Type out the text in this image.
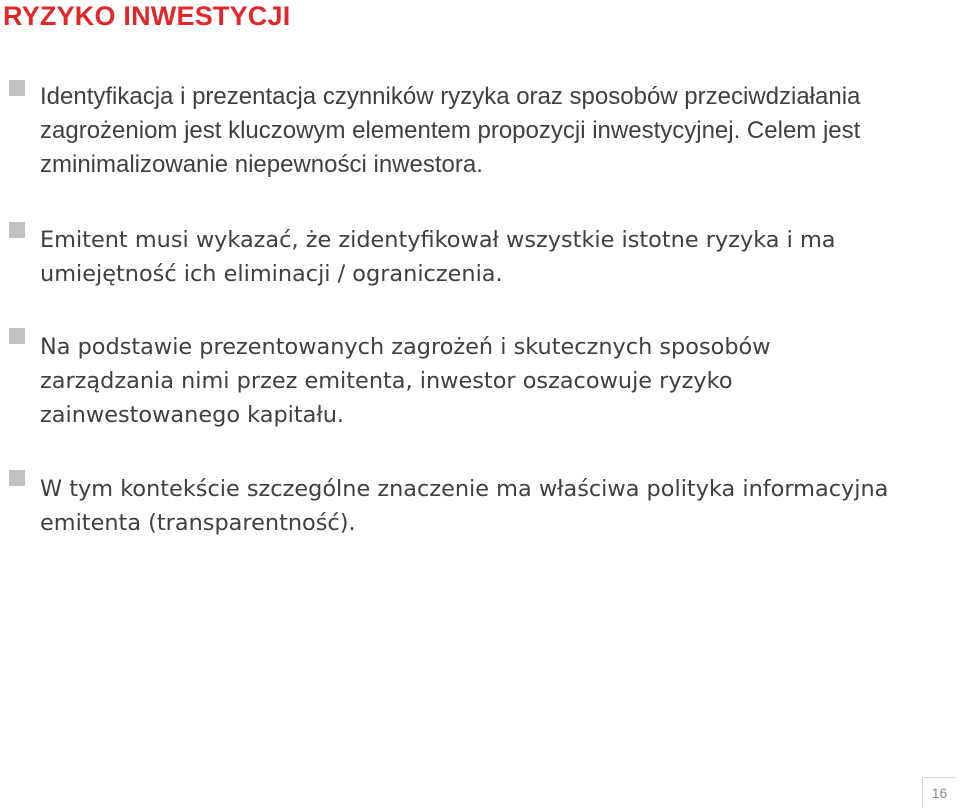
RYZYKO INWESTYCJI

Identyfikacja i prezentacja czynników ryzyka oraz sposobów przeciwdziałania zagrożeniom jest kluczowym elementem propozycji inwestycyjnej. Celem jest zminimalizowanie niepewności inwestora.

Emitent musi wykazać, że zidentyfikował wszystkie istotne ryzyka i ma umiejętność ich eliminacji / ograniczenia.

Na podstawie prezentowanych zagrożeń i skutecznych sposobów zarządzania nimi przez emitenta, inwestor oszacowuje ryzyko zainwestowanego kapitału.

W tym kontekście szczególne znaczenie ma właściwa polityka informacyjna emitenta (transparentność).

16
